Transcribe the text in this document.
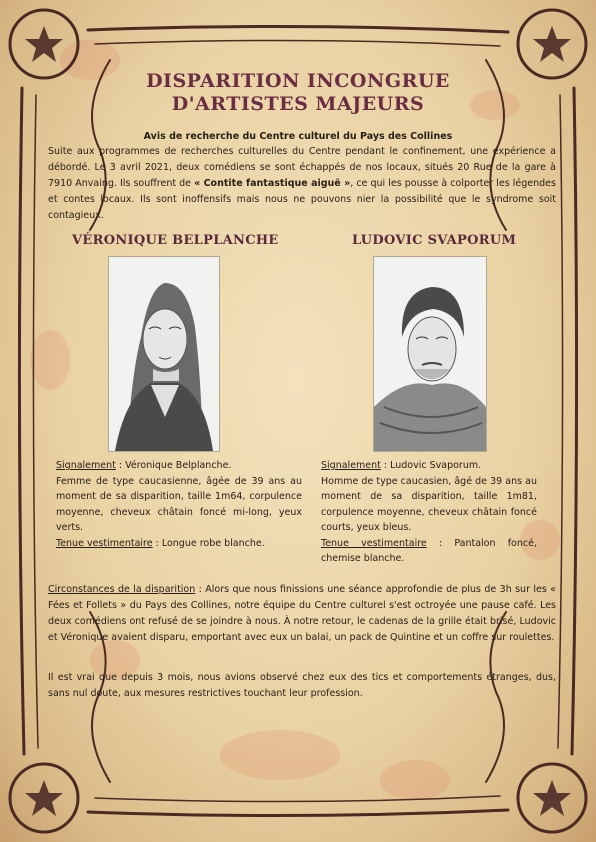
DISPARITION INCONGRUE
D'ARTISTES MAJEURS
Avis de recherche du Centre culturel du Pays des Collines
Suite aux programmes de recherches culturelles du Centre pendant le confinement, une expérience a débordé. Le 3 avril 2021, deux comédiens se sont échappés de nos locaux, situés 20 Rue de la gare à 7910 Anvaing. Ils souffrent de « Contite fantastique aiguë », ce qui les pousse à colporter les légendes et contes locaux. Ils sont inoffensifs mais nous ne pouvons nier la possibilité que le syndrome soit contagieux.
VÉRONIQUE BELPLANCHE

Signalement : Véronique Belplanche.

Femme de type caucasienne, âgée de 39 ans au moment de sa disparition, taille 1m64, corpulence moyenne, cheveux châtain foncé mi-long, yeux verts.

Tenue vestimentaire : Longue robe blanche.

LUDOVIC SVAPORUM

Signalement : Ludovic Svaporum.

Homme de type caucasien, âgé de 39 ans au moment de sa disparition, taille 1m81, corpulence moyenne, cheveux châtain foncé courts, yeux bleus.

Tenue vestimentaire : Pantalon foncé, chemise blanche.

Circonstances de la disparition : Alors que nous finissions une séance approfondie de plus de 3h sur les « Fées et Follets » du Pays des Collines, notre équipe du Centre culturel s'est octroyée une pause café. Les deux comédiens ont refusé de se joindre à nous. À notre retour, le cadenas de la grille était brisé, Ludovic et Véronique avaient disparu, emportant avec eux un balai, un pack de Quintine et un coffre sur roulettes.

Il est vrai que depuis 3 mois, nous avions observé chez eux des tics et comportements étranges, dus, sans nul doute, aux mesures restrictives touchant leur profession.
